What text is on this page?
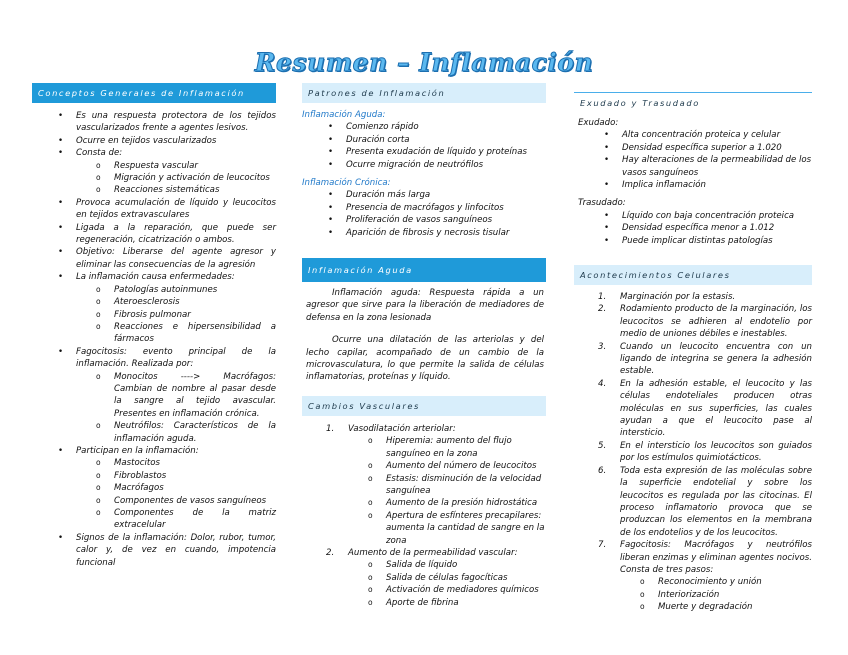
Resumen – Inflamación
Conceptos Generales de Inflamación
• Es una respuesta protectora de los tejidos vascularizados frente a agentes lesivos.
• Ocurre en tejidos vascularizados
• Consta de:
o Respuesta vascular
o Migración y activación de leucocitos
o Reacciones sistemáticas
• Provoca acumulación de líquido y leucocitos en tejidos extravasculares
• Ligada a la reparación, que puede ser regeneración, cicatrización o ambos.
• Objetivo: Liberarse del agente agresor y eliminar las consecuencias de la agresión
• La inflamación causa enfermedades:
o Patologías autoinmunes
o Ateroesclerosis
o Fibrosis pulmonar
o Reacciones e hipersensibilidad a fármacos
• Fagocitosis: evento principal de la inflamación. Realizada por:
o Monocitos ----> Macrófagos: Cambian de nombre al pasar desde la sangre al tejido avascular. Presentes en inflamación crónica.
o Neutrófilos: Característicos de la inflamación aguda.
• Participan en la inflamación:
o Mastocitos
o Fibroblastos
o Macrófagos
o Componentes de vasos sanguíneos
o Componentes de la matriz extracelular
• Signos de la inflamación: Dolor, rubor, tumor, calor y, de vez en cuando, impotencia funcional
Patrones de Inflamación
Inflamación Aguda:
• Comienzo rápido
• Duración corta
• Presenta exudación de líquido y proteínas
• Ocurre migración de neutrófilos
Inflamación Crónica:
• Duración más larga
• Presencia de macrófagos y linfocitos
• Proliferación de vasos sanguíneos
• Aparición de fibrosis y necrosis tisular
Inflamación Aguda

Inflamación aguda: Respuesta rápida a un agresor que sirve para la liberación de mediadores de defensa en la zona lesionada

Ocurre una dilatación de las arteriolas y del lecho capilar, acompañado de un cambio de la microvasculatura, lo que permite la salida de células inflamatorias, proteínas y líquido.

Cambios Vasculares
1. Vasodilatación arteriolar:
o Hiperemia: aumento del flujo sanguíneo en la zona
o Aumento del número de leucocitos
o Estasis: disminución de la velocidad sanguínea
o Aumento de la presión hidrostática
o Apertura de esfínteres precapilares: aumenta la cantidad de sangre en la zona
2. Aumento de la permeabilidad vascular:
o Salida de líquido
o Salida de células fagocíticas
o Activación de mediadores químicos
o Aporte de fibrina
Exudado y Trasudado
Exudado:
• Alta concentración proteica y celular
• Densidad específica superior a 1.020
• Hay alteraciones de la permeabilidad de los vasos sanguíneos
• Implica inflamación
Trasudado:
• Líquido con baja concentración proteica
• Densidad específica menor a 1.012
• Puede implicar distintas patologías
Acontecimientos Celulares
1. Marginación por la estasis.
2. Rodamiento producto de la marginación, los leucocitos se adhieren al endotelio por medio de uniones débiles e inestables.
3. Cuando un leucocito encuentra con un ligando de integrina se genera la adhesión estable.
4. En la adhesión estable, el leucocito y las células endoteliales producen otras moléculas en sus superficies, las cuales ayudan a que el leucocito pase al intersticio.
5. En el intersticio los leucocitos son guiados por los estímulos quimiotácticos.
6. Toda esta expresión de las moléculas sobre la superficie endotelial y sobre los leucocitos es regulada por las citocinas. El proceso inflamatorio provoca que se produzcan los elementos en la membrana de los endotelios y de los leucocitos.
7. Fagocitosis: Macrófagos y neutrófilos liberan enzimas y eliminan agentes nocivos. Consta de tres pasos:
o Reconocimiento y unión
o Interiorización
o Muerte y degradación
